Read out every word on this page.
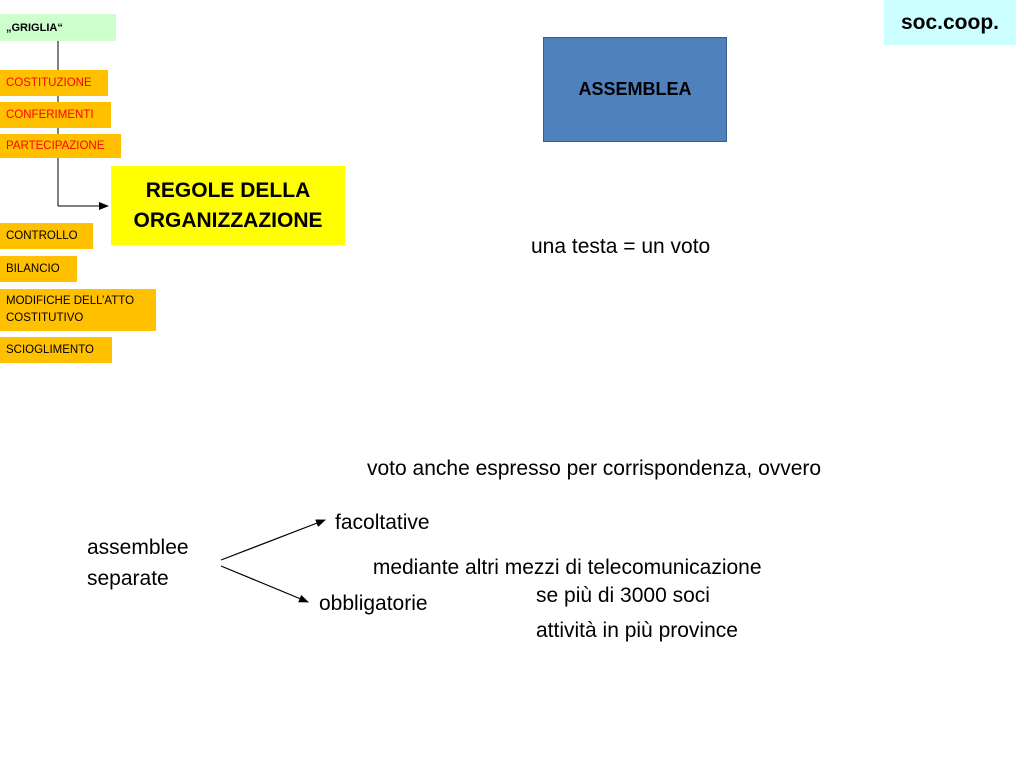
soc.coop.
„GRIGLIA“
COSTITUZIONE
CONFERIMENTI
PARTECIPAZIONE
REGOLE DELLA
ORGANIZZAZIONE
CONTROLLO
BILANCIO
MODIFICHE DELL’ATTO
COSTITUTIVO
SCIOGLIMENTO
ASSEMBLEA
una testa = un voto

voto anche espresso per corrispondenza, ovvero

mediante altri mezzi di telecomunicazione

assemblee
separate
facoltative
obbligatorie	se più di 3000 soci
attività in più province
